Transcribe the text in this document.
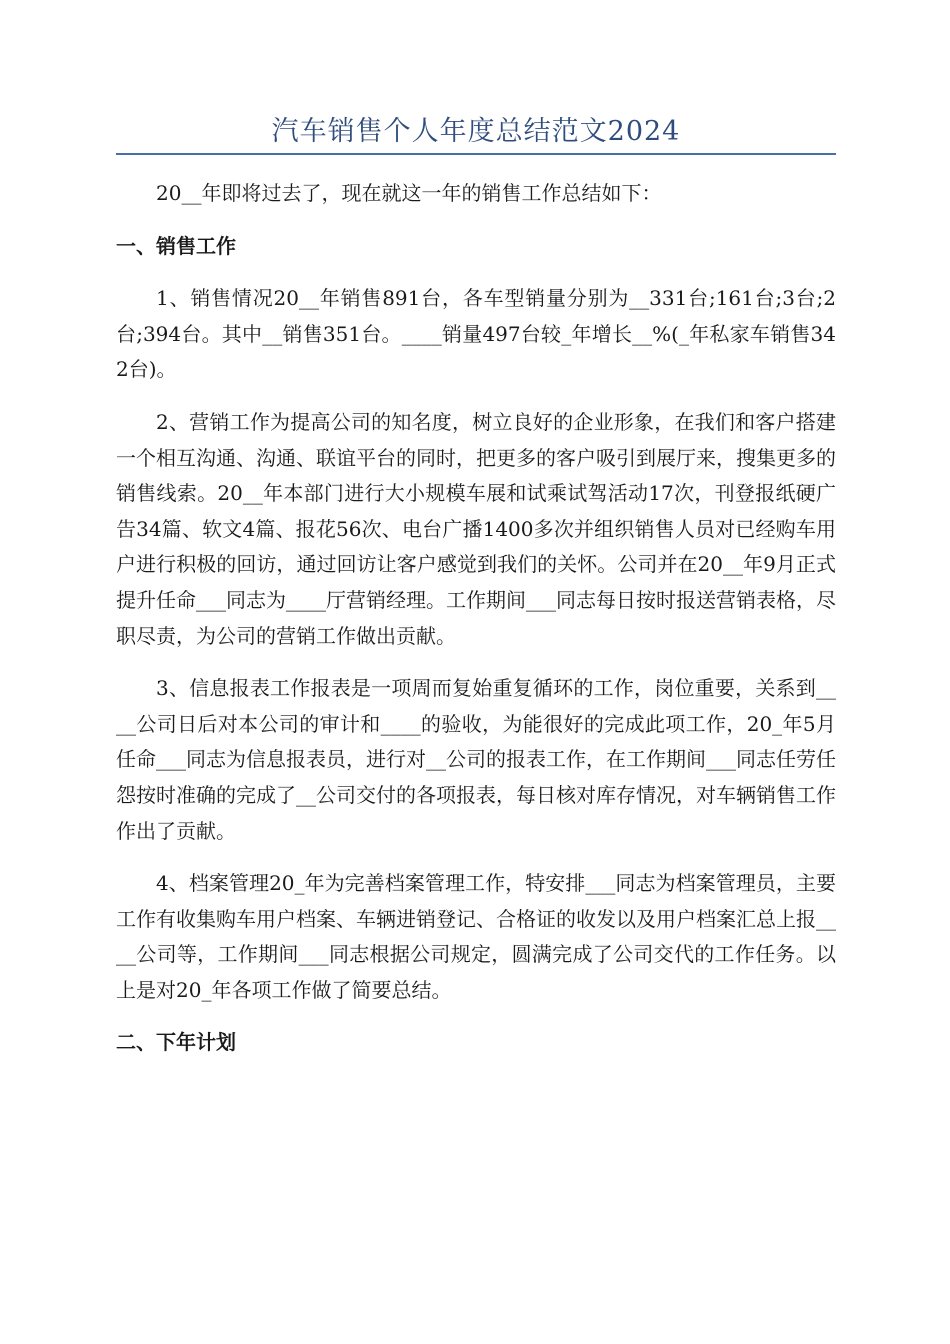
汽车销售个人年度总结范文2024

20__年即将过去了，现在就这一年的销售工作总结如下：

一、销售工作

1、销售情况20__年销售891台，各车型销量分别为__331台;161台;3台;2台;394台。其中__销售351台。____销量497台较_年增长__%(_年私家车销售342台)。

2、营销工作为提高公司的知名度，树立良好的企业形象，在我们和客户搭建一个相互沟通、沟通、联谊平台的同时，把更多的客户吸引到展厅来，搜集更多的销售线索。20__年本部门进行大小规模车展和试乘试驾活动17次，刊登报纸硬广告34篇、软文4篇、报花56次、电台广播1400多次并组织销售人员对已经购车用户进行积极的回访，通过回访让客户感觉到我们的关怀。公司并在20__年9月正式提升任命___同志为____厅营销经理。工作期间___同志每日按时报送营销表格，尽职尽责，为公司的营销工作做出贡献。

3、信息报表工作报表是一项周而复始重复循环的工作，岗位重要，关系到____公司日后对本公司的审计和____的验收，为能很好的完成此项工作，20_年5月任命___同志为信息报表员，进行对__公司的报表工作，在工作期间___同志任劳任怨按时准确的完成了__公司交付的各项报表，每日核对库存情况，对车辆销售工作作出了贡献。

4、档案管理20_年为完善档案管理工作，特安排___同志为档案管理员，主要工作有收集购车用户档案、车辆进销登记、合格证的收发以及用户档案汇总上报____公司等，工作期间___同志根据公司规定，圆满完成了公司交代的工作任务。以上是对20_年各项工作做了简要总结。

二、下年计划
